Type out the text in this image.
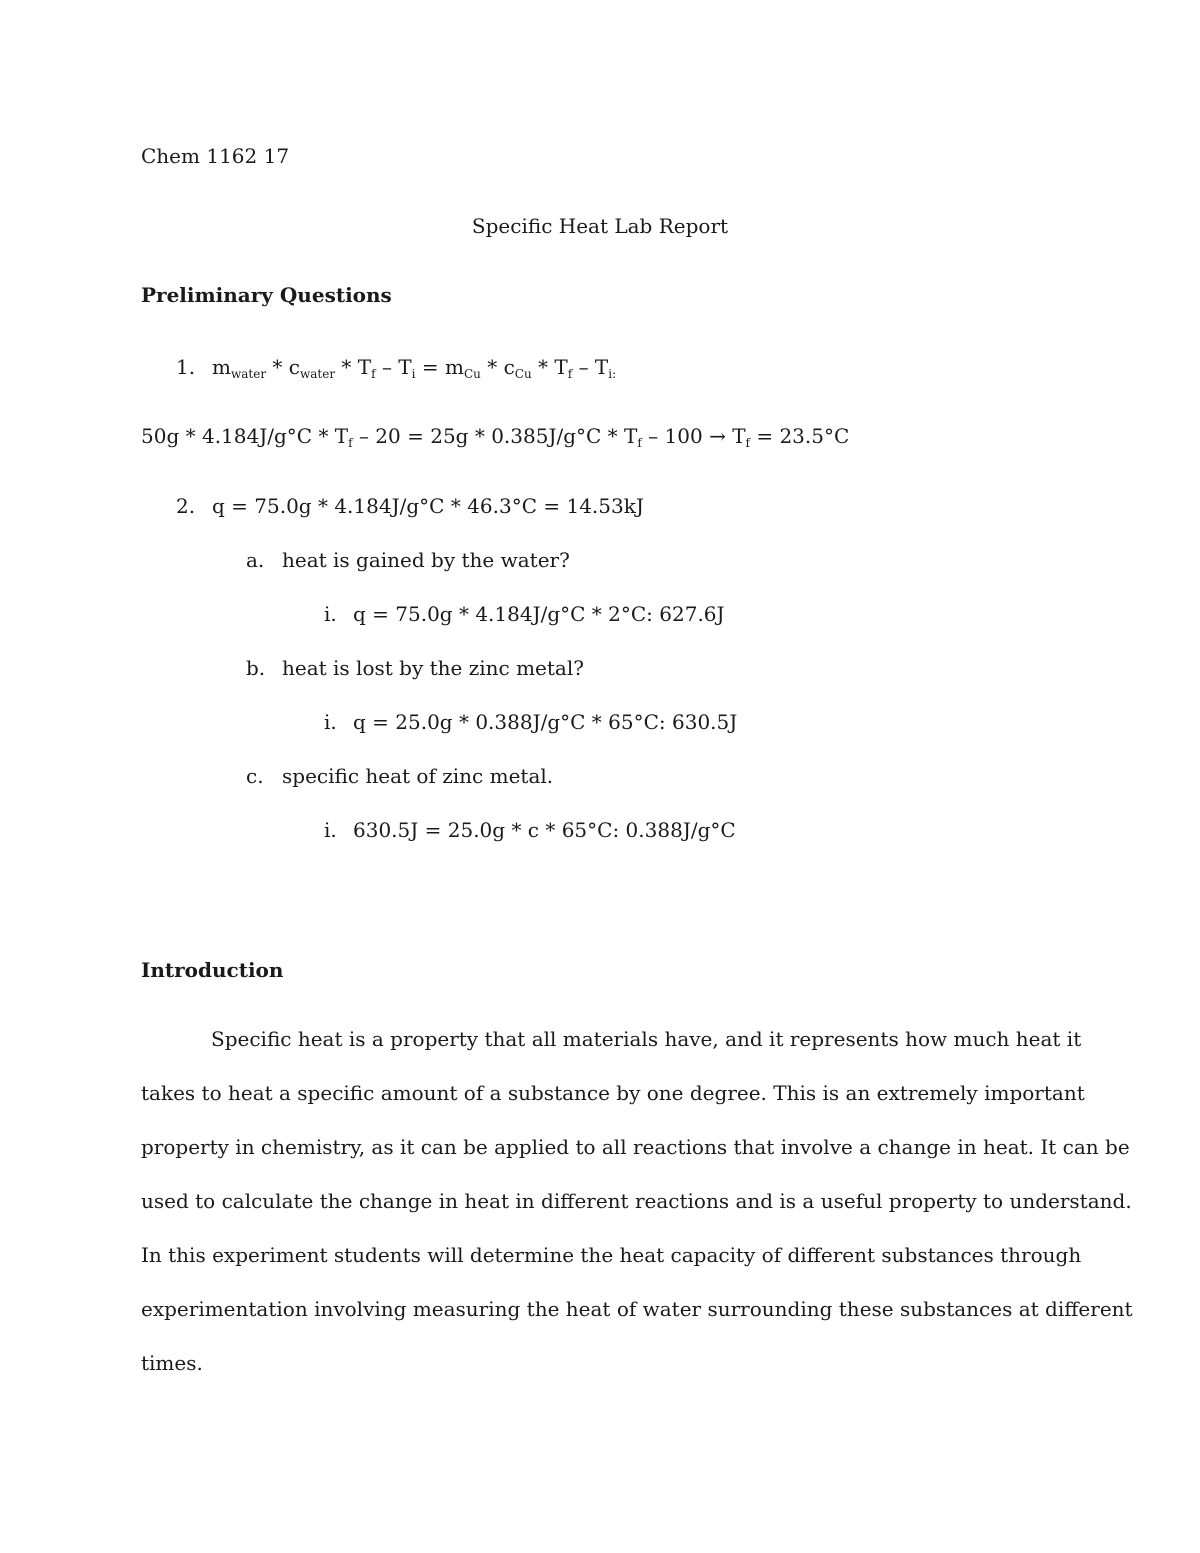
Chem 1162 17
Specific Heat Lab Report
Preliminary Questions
1. $m_{water} * c_{water} * T_f - T_i = m_{Cu} * c_{Cu} * T_f - T_{i:}$
$50g * 4.184J/g^\circ C * T_f - 20 = 25g * 0.385J/g^\circ C * T_f - 100 \to T_f = 23.5^\circ C$
2. q = 75.0g * 4.184J/g°C * 46.3°C = 14.53kJ
a. heat is gained by the water?
i. q = 75.0g * 4.184J/g°C * 2°C: 627.6J
b. heat is lost by the zinc metal?
i. q = 25.0g * 0.388J/g°C * 65°C: 630.5J
c. specific heat of zinc metal.
i. 630.5J = 25.0g * c * 65°C: 0.388J/g°C
Introduction
Specific heat is a property that all materials have, and it represents how much heat it
takes to heat a specific amount of a substance by one degree. This is an extremely important
property in chemistry, as it can be applied to all reactions that involve a change in heat. It can be
used to calculate the change in heat in different reactions and is a useful property to understand.
In this experiment students will determine the heat capacity of different substances through
experimentation involving measuring the heat of water surrounding these substances at different
times.
